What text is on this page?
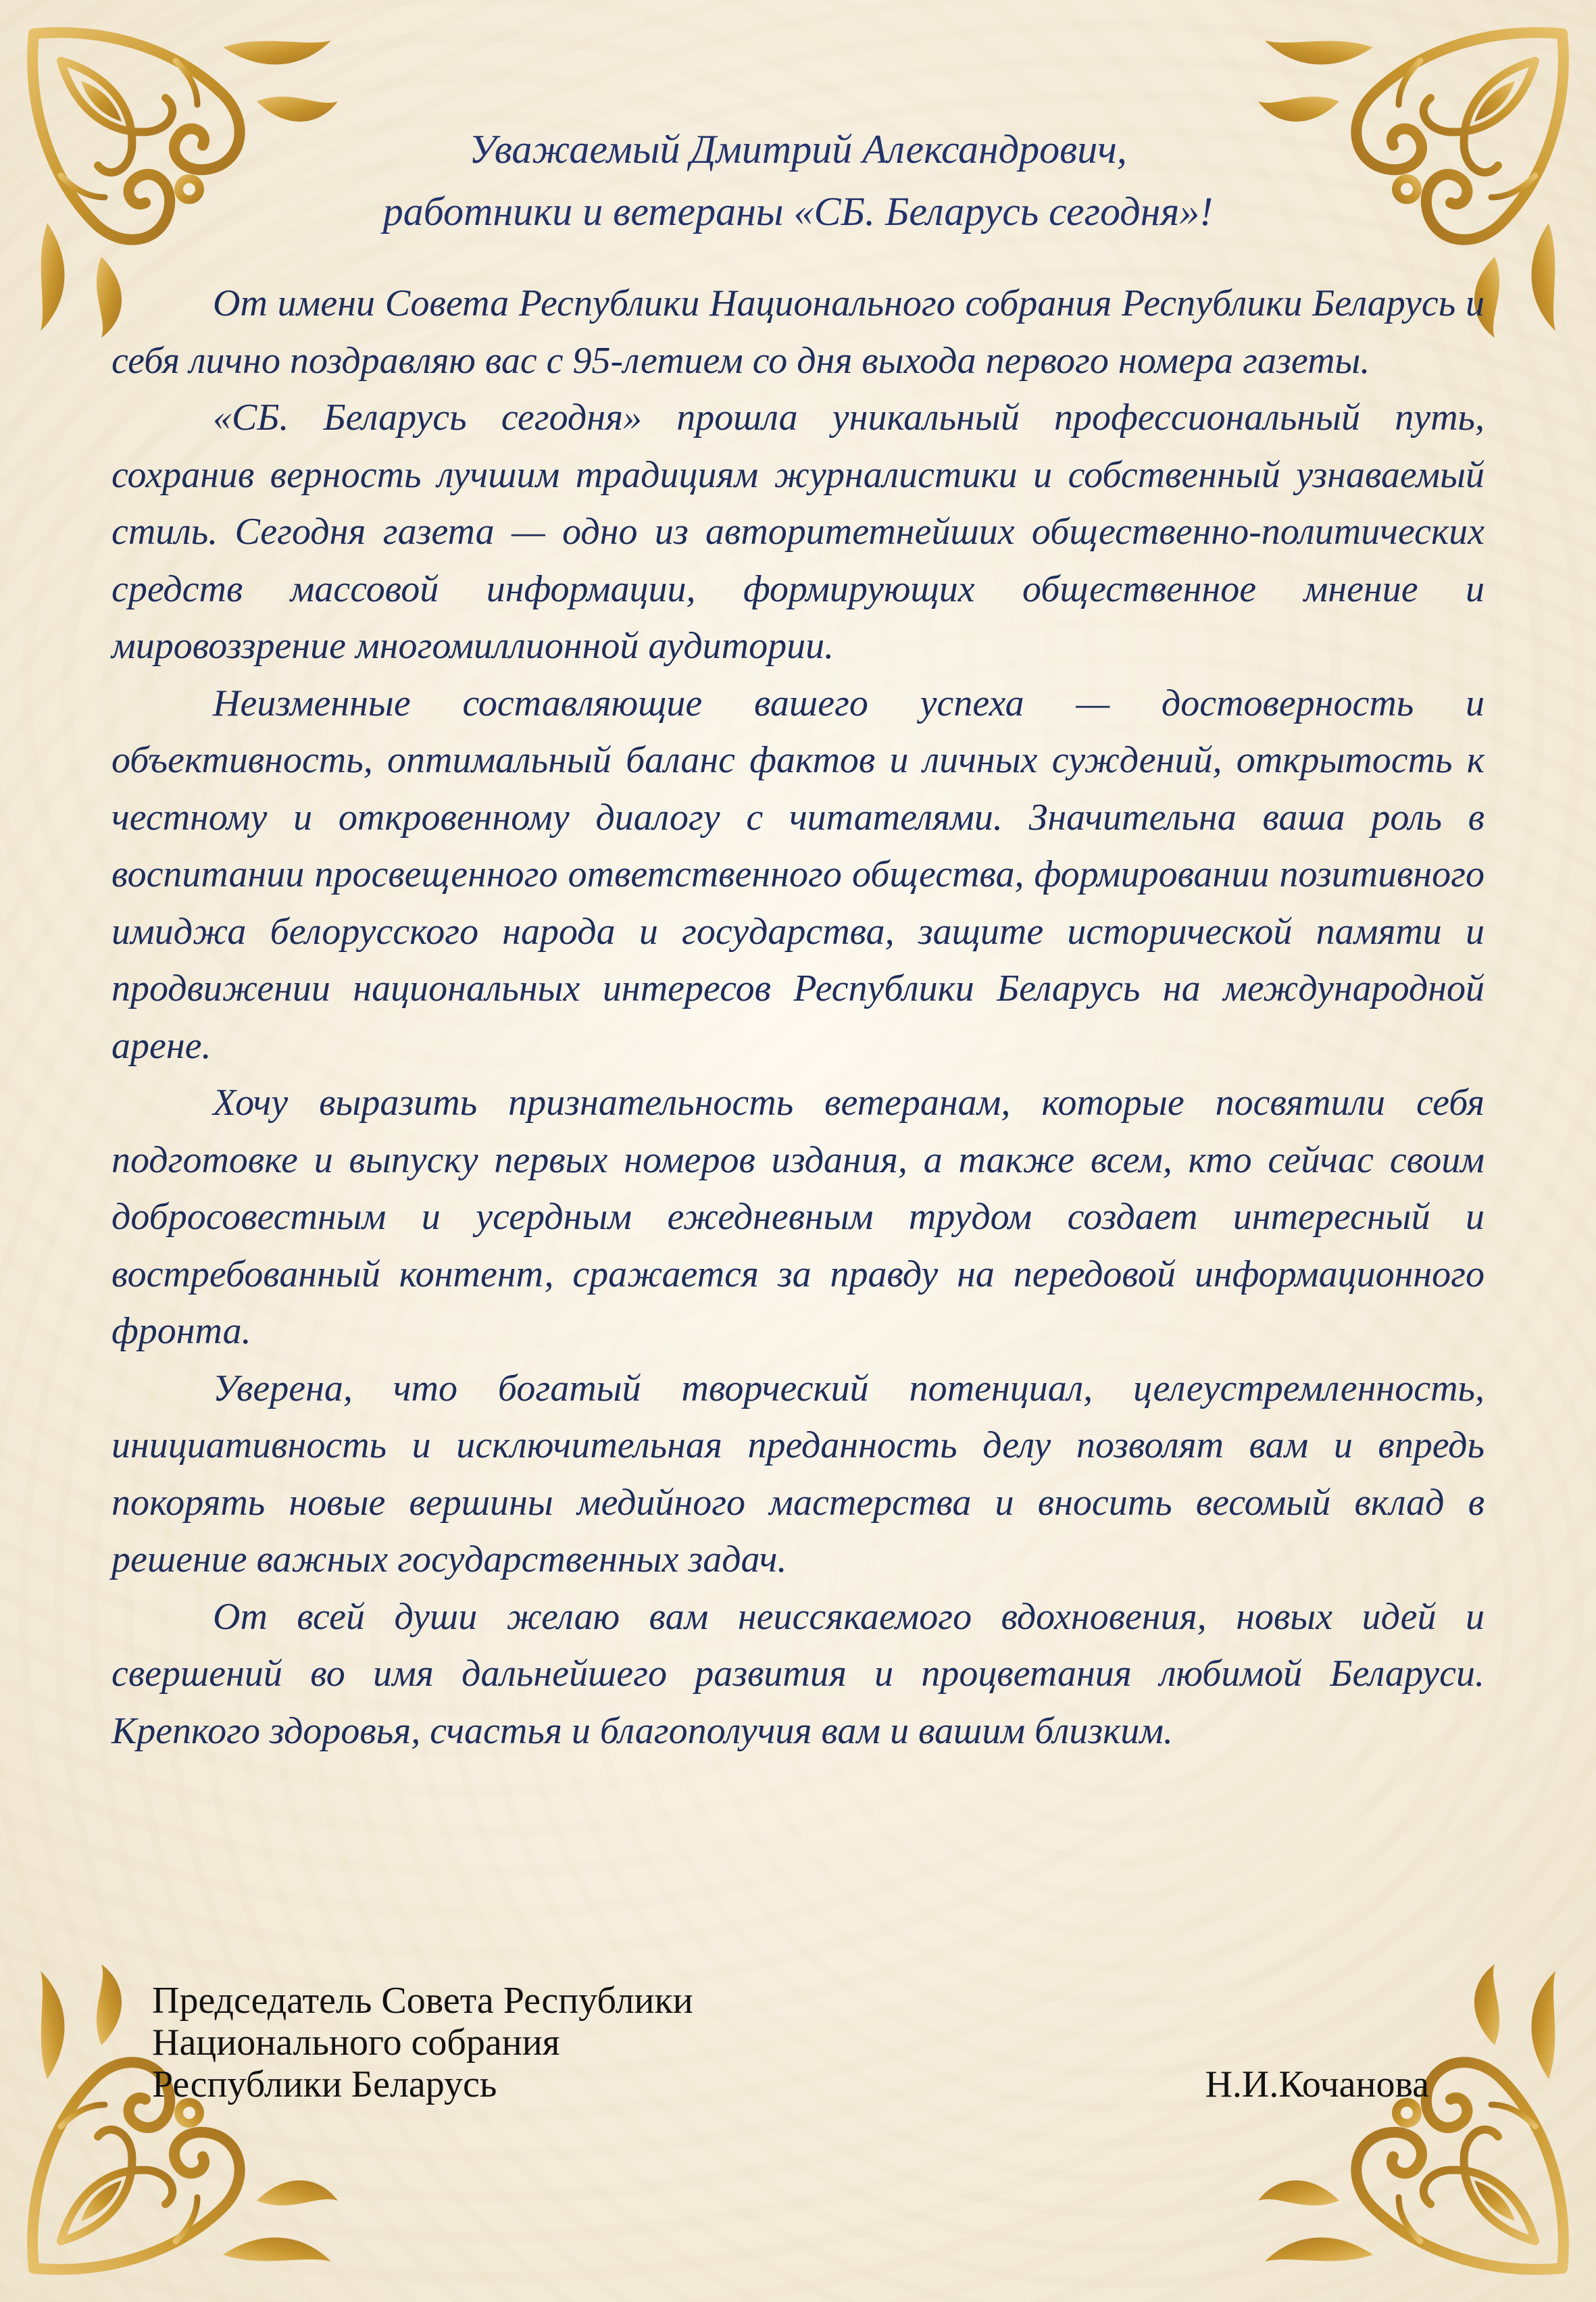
Уважаемый Дмитрий Александрович,
работники и ветераны «СБ. Беларусь сегодня»!

От имени Совета Республики Национального собрания Республики Беларусь и себя лично поздравляю вас с 95-летием со дня выхода первого номера газеты.

«СБ. Беларусь сегодня» прошла уникальный профессиональный путь, сохранив верность лучшим традициям журналистики и собственный узнаваемый стиль. Сегодня газета — одно из авторитетнейших общественно-политических средств массовой информации, формирующих общественное мнение и мировоззрение многомиллионной аудитории.

Неизменные составляющие вашего успеха — достоверность и объективность, оптимальный баланс фактов и личных суждений, открытость к честному и откровенному диалогу с читателями. Значительна ваша роль в воспитании просвещенного ответственного общества, формировании позитивного имиджа белорусского народа и государства, защите исторической памяти и продвижении национальных интересов Республики Беларусь на международной арене.

Хочу выразить признательность ветеранам, которые посвятили себя подготовке и выпуску первых номеров издания, а также всем, кто сейчас своим добросовестным и усердным ежедневным трудом создает интересный и востребованный контент, сражается за правду на передовой информационного фронта.

Уверена, что богатый творческий потенциал, целеустремленность, инициативность и исключительная преданность делу позволят вам и впредь покорять новые вершины медийного мастерства и вносить весомый вклад в решение важных государственных задач.

От всей души желаю вам неиссякаемого вдохновения, новых идей и свершений во имя дальнейшего развития и процветания любимой Беларуси. Крепкого здоровья, счастья и благополучия вам и вашим близким.

Председатель Совета Республики
Национального собрания
Республики Беларусь	Н.И.Кочанова
